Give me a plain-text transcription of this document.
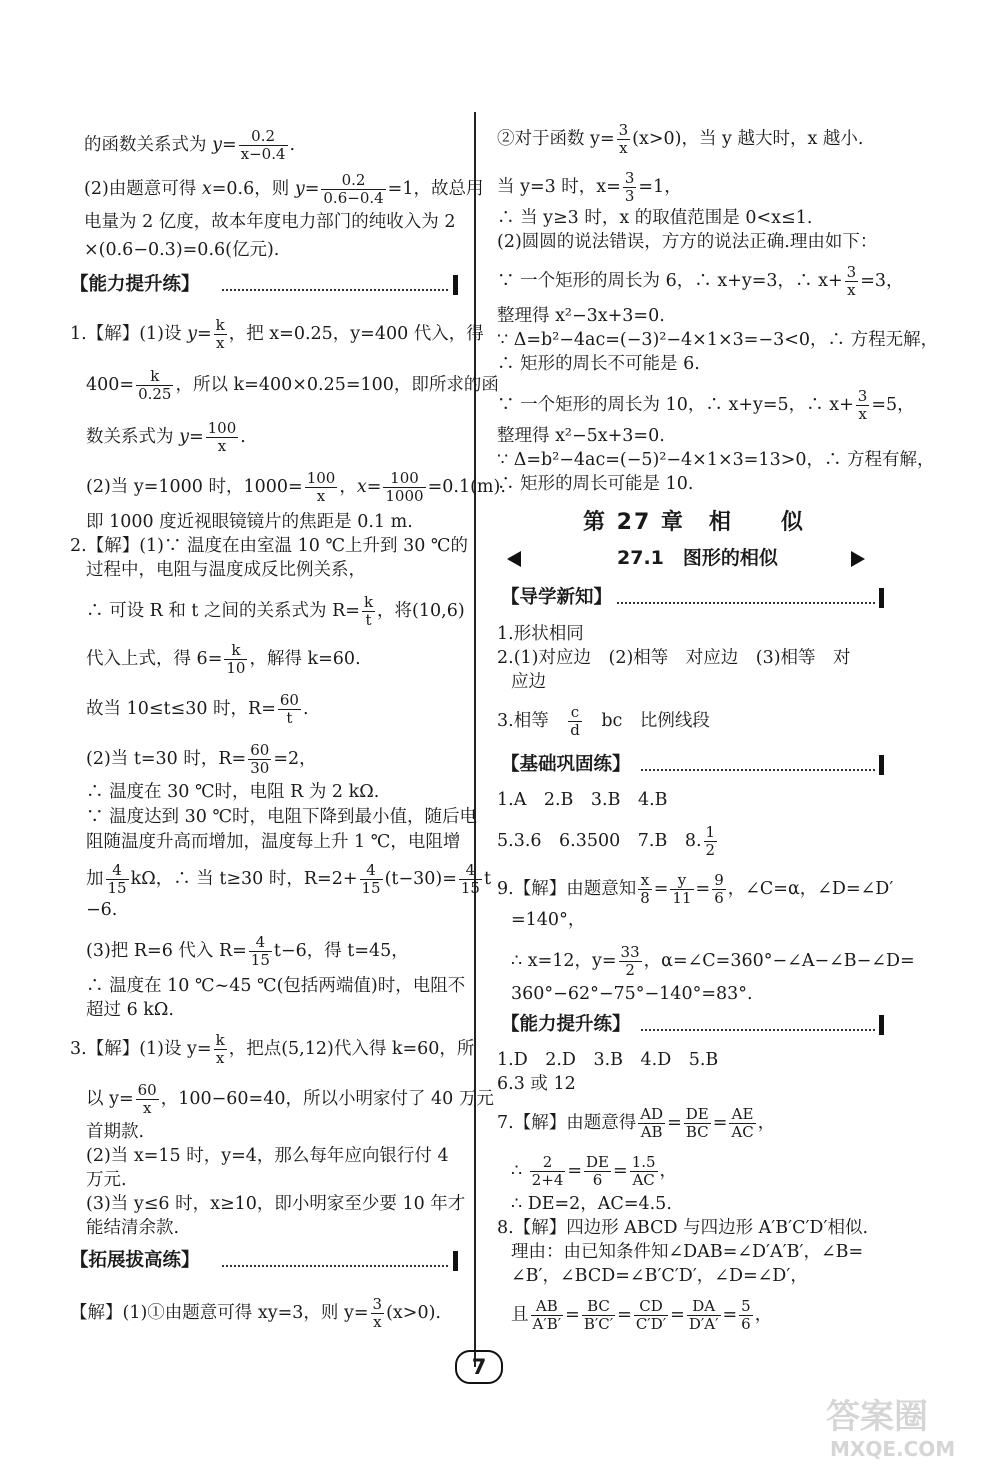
的函数关系式为 $y= \frac{0.2}{x-0.4}$ .
(2)由题意可得 x=0.6，则 $y= \frac{0.2}{0.6-0.4} =1$，故总用
电量为 2 亿度，故本年度电力部门的纯收入为 2
×(0.6−0.3)=0.6(亿元).
【能力提升练】
1.【解】(1)设 $y= \frac{k}{x}$ ，把 x=0.25，y=400 代入，得
$400= \frac{k}{0.25}$ ，所以 k=400×0.25=100，即所求的函
数关系式为 $y= \frac{100}{x}$ .
(2)当 y=1000 时，$1000= \frac{100}{x}$ ，$x= \frac{100}{1000} =0.1(m)$.
即 1000 度近视眼镜镜片的焦距是 0.1 m.
2.【解】(1)∵ 温度在由室温 10 ℃上升到 30 ℃的
过程中，电阻与温度成反比例关系，
∴ 可设 R 和 t 之间的关系式为 $R= \frac{k}{t}$ ，将(10,6)
代入上式，得 $6= \frac{k}{10}$ ，解得 k=60.
故当 10≤t≤30 时，$R= \frac{60}{t}$ .
(2)当 t=30 时，$R= \frac{60}{30} =2$，
∴ 温度在 30 ℃时，电阻 R 为 2 kΩ.
∵ 温度达到 30 ℃时，电阻下降到最小值，随后电
阻随温度升高而增加，温度每上升 1 ℃，电阻增
加 $\frac{4}{15}$ kΩ，∴ 当 t≥30 时，$R=2+ \frac{4}{15} (t-30)= \frac{4}{15}$ t
−6.
(3)把 R=6 代入 $R= \frac{4}{15} t-6$，得 t=45，
∴ 温度在 10 ℃~45 ℃(包括两端值)时，电阻不
超过 6 kΩ.
3.【解】(1)设 $y= \frac{k}{x}$ ，把点(5,12)代入得 k=60，所
以 $y= \frac{60}{x}$ ，100−60=40，所以小明家付了 40 万元
首期款.
(2)当 x=15 时，y=4，那么每年应向银行付 4
万元.
(3)当 y≤6 时，x≥10，即小明家至少要 10 年才
能结清余款.
【拓展拔高练】
【解】(1)①由题意可得 xy=3，则 $y= \frac{3}{x} (x>0)$.
②对于函数 $y= \frac{3}{x} (x>0)$，当 y 越大时，x 越小.
当 y=3 时，$x= \frac{3}{3} =1$，
∴ 当 y≥3 时，x 的取值范围是 0<x≤1.
(2)圆圆的说法错误，方方的说法正确.理由如下：
∵ 一个矩形的周长为 6，∴ x+y=3，∴ $x+ \frac{3}{x} =3$，
整理得 x²−3x+3=0.
∵ Δ=b²−4ac=(−3)²−4×1×3=−3<0，∴ 方程无解，
∴ 矩形的周长不可能是 6.
∵ 一个矩形的周长为 10，∴ x+y=5，∴ $x+ \frac{3}{x} =5$，
整理得 x²−5x+3=0.
∵ Δ=b²−4ac=(−5)²−4×1×3=13>0，∴ 方程有解，
∴ 矩形的周长可能是 10.
第 27 章　相　　似
27.1　图形的相似
【导学新知】
1.形状相同
2.(1)对应边　(2)相等　对应边　(3)相等　对
应边
3.相等　 $\frac{c}{d}$
　 bc　比例线段
【基础巩固练】
1.A　2.B　3.B　4.B
5.3.6　6.3500　7.B　8. $\frac{1}{2}$
9.【解】由题意知 $\frac{x}{8} = \frac{y}{11} = \frac{9}{6}$ ，∠C=α，∠D=∠D′
=140°，
∴ x=12，$y= \frac{33}{2}$ ，α=∠C=360°−∠A−∠B−∠D=
360°−62°−75°−140°=83°.
【能力提升练】
1.D　2.D　3.B　4.D　5.B
6.3 或 12
7.【解】由题意得 $\frac{AD}{AB} = \frac{DE}{BC} = \frac{AE}{AC}$ ，
∴ $\frac{2}{2+4} = \frac{DE}{6} = \frac{1.5}{AC}$ ，
∴ DE=2，AC=4.5.
8.【解】四边形 ABCD 与四边形 A′B′C′D′相似.
理由：由已知条件知∠DAB=∠D′A′B′，∠B=
∠B′，∠BCD=∠B′C′D′，∠D=∠D′，
且 $\frac{AB}{A'B'} = \frac{BC}{B'C'} = \frac{CD}{C'D'} = \frac{DA}{D'A'} = \frac{5}{6}$ ，
7
答案圈
MXQE.COM
